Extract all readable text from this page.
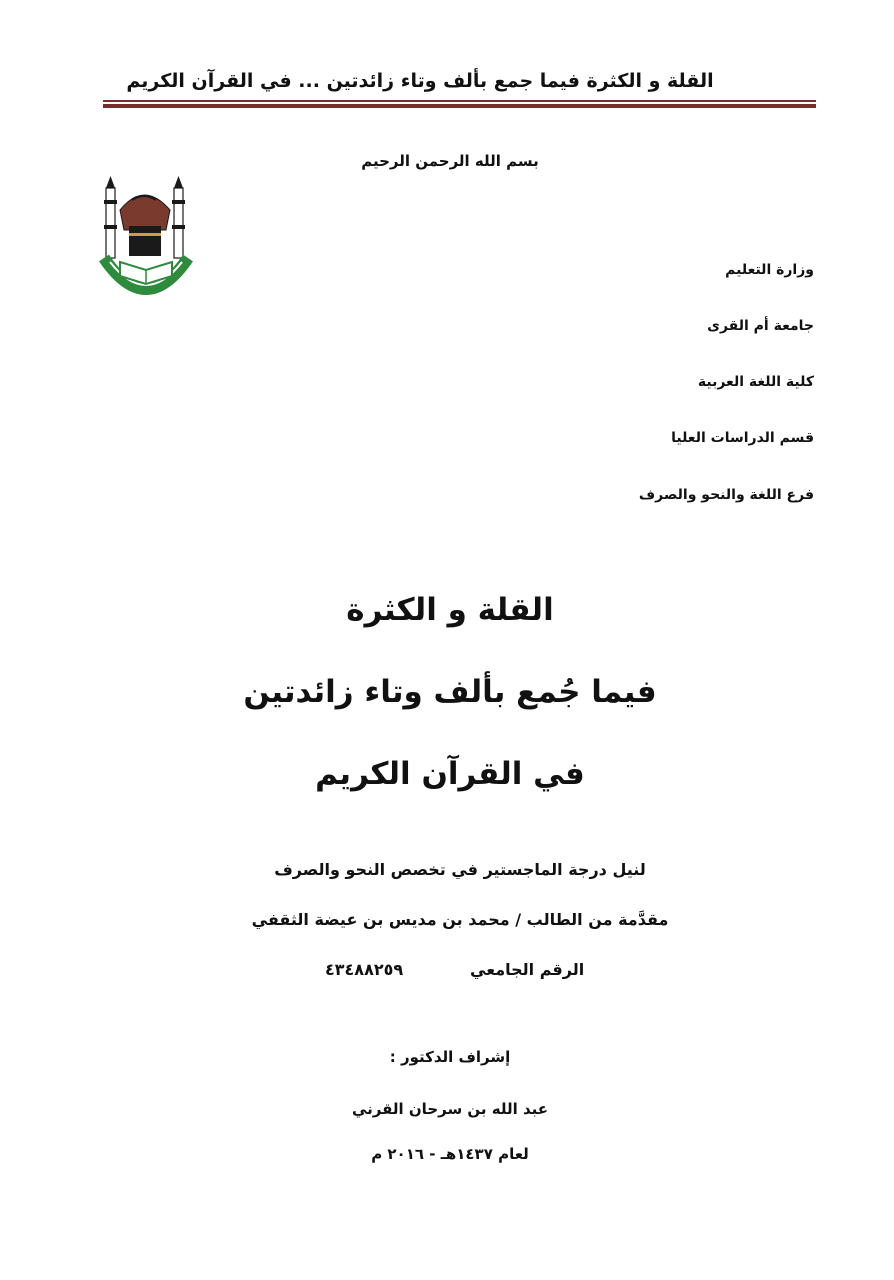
القلة و الكثرة فيما جمع بألف وتاء زائدتين ... في القرآن الكريم
بسم الله الرحمن الرحيم
وزارة التعليم
جامعة أم القرى
كلية اللغة العربية
قسم الدراسات العليا
فرع اللغة والنحو والصرف
القلة و الكثرة
فيما جُمع بألف وتاء زائدتين
في القرآن الكريم
لنيل درجة الماجستير في تخصص النحو والصرف
مقدَّمة من الطالب / محمد بن مديس بن عيضة الثقفي
الرقم الجامعي
٤٣٤٨٨٢٥٩
إشراف الدكتور :
عبد الله بن سرحان القرني
لعام ١٤٣٧هـ - ٢٠١٦ م
